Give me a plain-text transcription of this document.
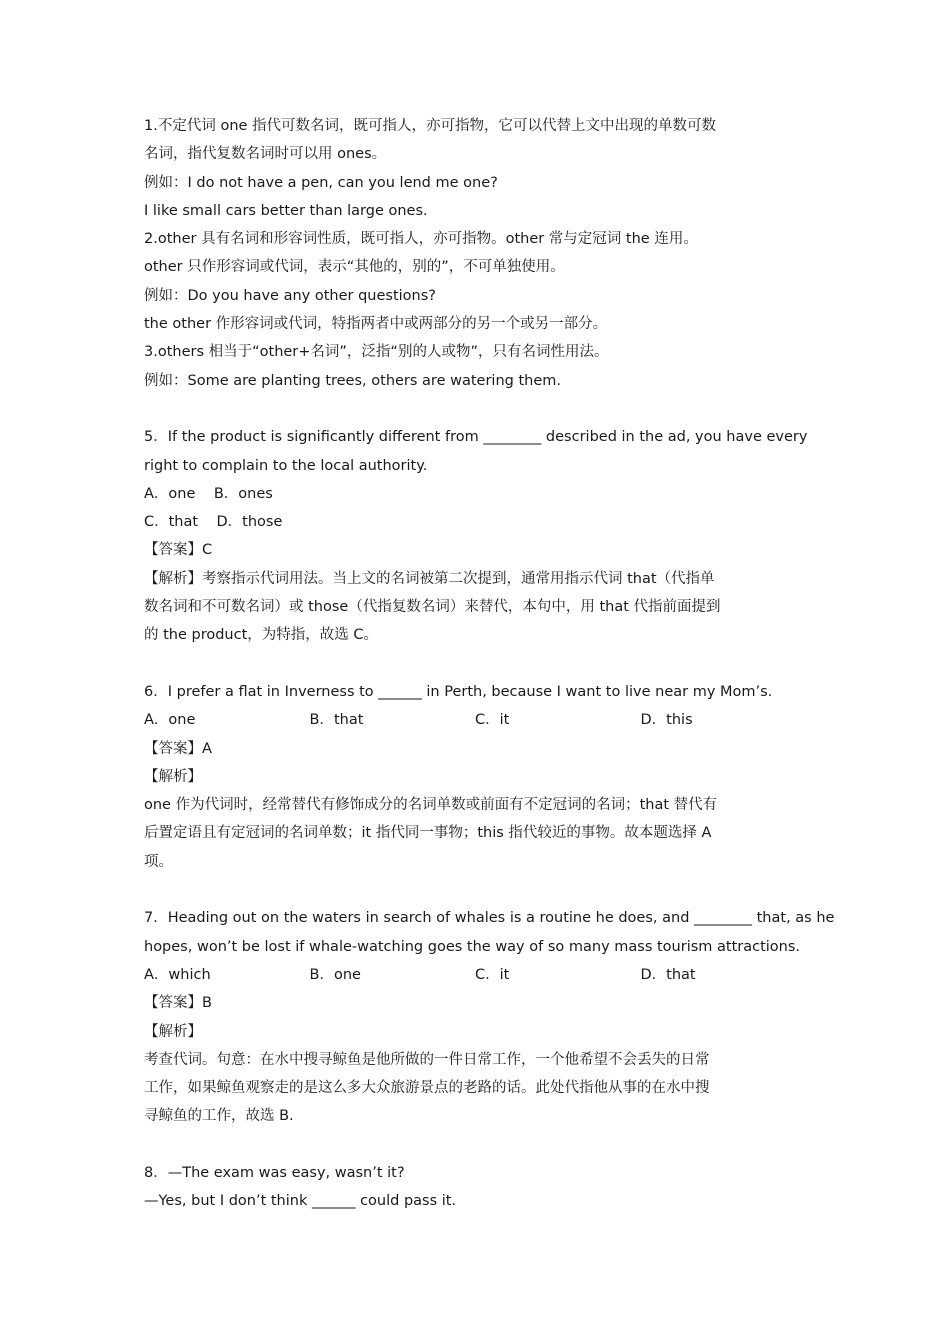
1.不定代词 one 指代可数名词，既可指人，亦可指物，它可以代替上文中出现的单数可数
名词，指代复数名词时可以用 ones。
例如：I do not have a pen, can you lend me one?
I like small cars better than large ones.
2.other 具有名词和形容词性质，既可指人，亦可指物。other 常与定冠词 the 连用。
other 只作形容词或代词，表示“其他的，别的”，不可单独使用。
例如：Do you have any other questions?
the other 作形容词或代词，特指两者中或两部分的另一个或另一部分。
3.others 相当于“other+名词”，泛指“别的人或物”，只有名词性用法。
例如：Some are planting trees, others are watering them.
5．If the product is significantly different from ________ described in the ad, you have every
right to complain to the local authority.
A．one    B．ones
C．that    D．those
【答案】C
【解析】考察指示代词用法。当上文的名词被第二次提到，通常用指示代词 that（代指单
数名词和不可数名词）或 those（代指复数名词）来替代，本句中，用 that 代指前面提到
的 the product，为特指，故选 C。
6．I prefer a flat in Inverness to ______ in Perth, because I want to live near my Mom’s.
A．one	B．that	C．it	D．this
【答案】A
【解析】
one 作为代词时，经常替代有修饰成分的名词单数或前面有不定冠词的名词；that 替代有
后置定语且有定冠词的名词单数；it 指代同一事物；this 指代较近的事物。故本题选择 A
项。
7．Heading out on the waters in search of whales is a routine he does, and ________ that, as he
hopes, won’t be lost if whale-watching goes the way of so many mass tourism attractions.
A．which	B．one	C．it	D．that
【答案】B
【解析】
考查代词。句意：在水中搜寻鲸鱼是他所做的一件日常工作，一个他希望不会丢失的日常
工作，如果鲸鱼观察走的是这么多大众旅游景点的老路的话。此处代指他从事的在水中搜
寻鲸鱼的工作，故选 B.
8．—The exam was easy, wasn’t it?
—Yes, but I don’t think ______ could pass it．
